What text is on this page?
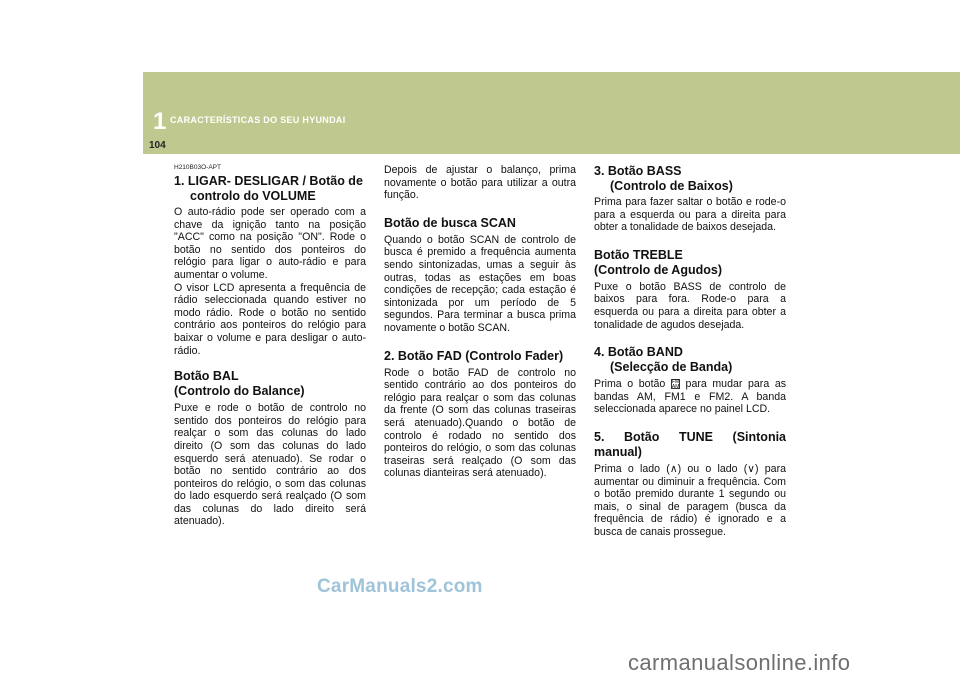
1 CARACTERÍSTICAS DO SEU HYUNDAI
104
H210B03O-APT
1. LIGAR- DESLIGAR / Botão de
controlo do VOLUME

O auto-rádio pode ser operado com a chave da ignição tanto na posição "ACC" como na posição "ON". Rode o botão no sentido dos ponteiros do relógio para ligar o auto-rádio e para aumentar o volume.

O visor LCD apresenta a frequência de rádio seleccionada quando estiver no modo rádio. Rode o botão no sentido contrário aos ponteiros do relógio para baixar o volume e para desligar o auto-rádio.

Botão BAL
(Controlo do Balance)

Puxe e rode o botão de controlo no sentido dos ponteiros do relógio para realçar o som das colunas do lado direito (O som das colunas do lado esquerdo será atenuado). Se rodar o botão no sentido contrário ao dos ponteiros do relógio, o som das colunas do lado esquerdo será realçado (O som das colunas do lado direito será atenuado).

Depois de ajustar o balanço, prima novamente o botão para utilizar a outra função.

Botão de busca SCAN

Quando o botão SCAN de controlo de busca é premido a frequência aumenta sendo sintonizadas, umas a seguir às outras, todas as estações em boas condições de recepção; cada estação é sintonizada por um período de 5 segundos. Para terminar a busca prima novamente o botão SCAN.

2. Botão FAD (Controlo Fader)

Rode o botão FAD de controlo no sentido contrário ao dos ponteiros do relógio para realçar o som das colunas da frente (O som das colunas traseiras será atenuado).Quando o botão de controlo é rodado no sentido dos ponteiros do relógio, o som das colunas traseiras será realçado (O som das colunas dianteiras será atenuado).

3. Botão BASS
(Controlo de Baixos)

Prima para fazer saltar o botão e rode-o para a esquerda ou para a direita para obter a tonalidade de baixos desejada.

Botão TREBLE
(Controlo de Agudos)

Puxe o botão BASS de controlo de baixos para fora. Rode-o para a esquerda ou para a direita para obter a tonalidade de agudos desejada.

4. Botão BAND
(Selecção de Banda)

Prima o botão FM AM para mudar para as bandas AM, FM1 e FM2. A banda seleccionada aparece no painel LCD.

5. Botão TUNE (Sintonia manual)

Prima o lado (∧) ou o lado (∨) para aumentar ou diminuir a frequência. Com o botão premido durante 1 segundo ou mais, o sinal de paragem (busca da frequência de rádio) é ignorado e a busca de canais prossegue.

CarManuals2.com
carmanualsonline.info
